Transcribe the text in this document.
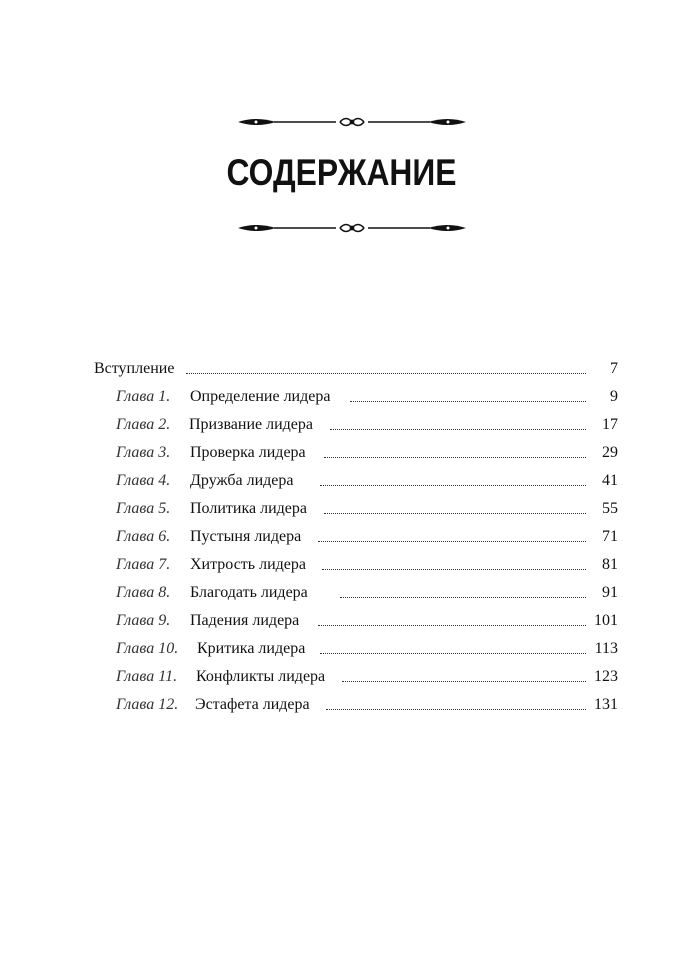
СОДЕРЖАНИЕ
Вступление	7
Глава 1. Определение лидера	9
Глава 2. Призвание лидера	17
Глава 3. Проверка лидера	29
Глава 4. Дружба лидера	41
Глава 5. Политика лидера	55
Глава 6. Пустыня лидера	71
Глава 7. Хитрость лидера	81
Глава 8. Благодать лидера	91
Глава 9. Падения лидера	101
Глава 10. Критика лидера	113
Глава 11. Конфликты лидера	123
Глава 12. Эстафета лидера	131
